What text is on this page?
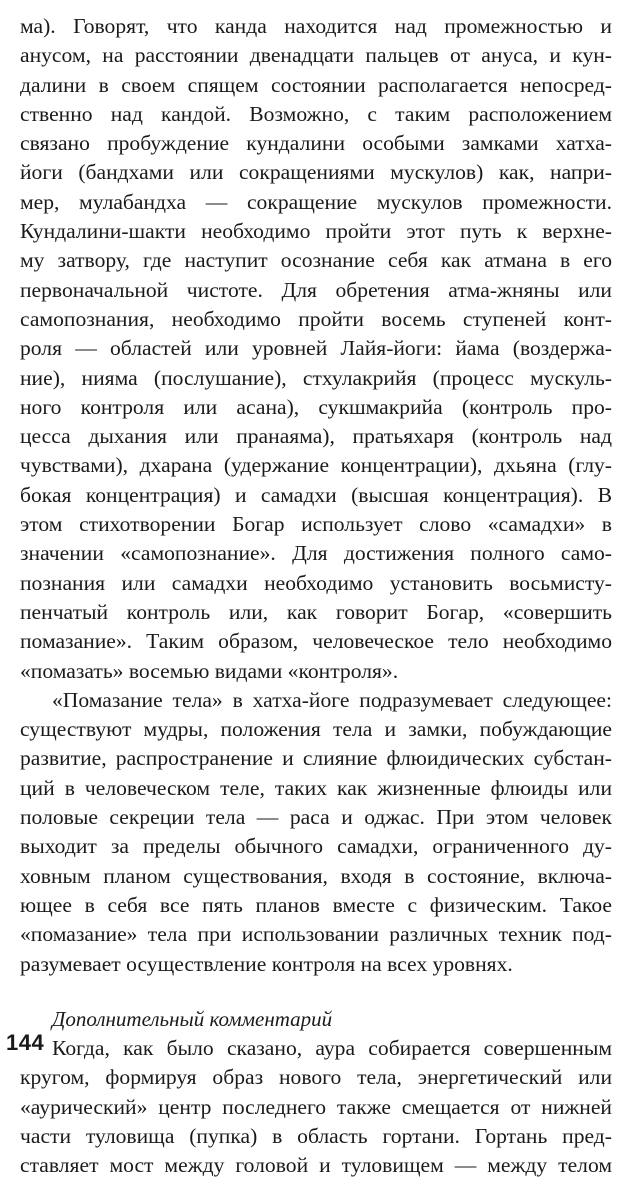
ма). Говорят, что канда находится над промежностью и
анусом, на расстоянии двенадцати пальцев от ануса, и кун-
далини в своем спящем состоянии располагается непосред-
ственно над кандой. Возможно, с таким расположением
связано пробуждение кундалини особыми замками хатха-
йоги (бандхами или сокращениями мускулов) как, напри-
мер, мулабандха — сокращение мускулов промежности.
Кундалини-шакти необходимо пройти этот путь к верхне-
му затвору, где наступит осознание себя как атмана в его
первоначальной чистоте. Для обретения атма-жняны или
самопознания, необходимо пройти восемь ступеней конт-
роля — областей или уровней Лайя-йоги: йама (воздержа-
ние), нияма (послушание), стхулакрийя (процесс мускуль-
ного контроля или асана), сукшмакрийа (контроль про-
цесса дыхания или пранаяма), пратьяхаря (контроль над
чувствами), дхарана (удержание концентрации), дхьяна (глу-
бокая концентрация) и самадхи (высшая концентрация). В
этом стихотворении Богар использует слово «самадхи» в
значении «самопознание». Для достижения полного само-
познания или самадхи необходимо установить восьмисту-
пенчатый контроль или, как говорит Богар, «совершить
помазание». Таким образом, человеческое тело необходимо
«помазать» восемью видами «контроля».
«Помазание тела» в хатха-йоге подразумевает следующее:
существуют мудры, положения тела и замки, побуждающие
развитие, распространение и слияние флюидических субстан-
ций в человеческом теле, таких как жизненные флюиды или
половые секреции тела — раса и оджас. При этом человек
выходит за пределы обычного самадхи, ограниченного ду-
ховным планом существования, входя в состояние, включа-
ющее в себя все пять планов вместе с физическим. Такое
«помазание» тела при использовании различных техник под-
разумевает осуществление контроля на всех уровнях.
Дополнительный комментарий
Когда, как было сказано, аура собирается совершенным
кругом, формируя образ нового тела, энергетический или
«аурический» центр последнего также смещается от нижней
части туловища (пупка) в область гортани. Гортань пред-
ставляет мост между головой и туловищем — между телом
144
